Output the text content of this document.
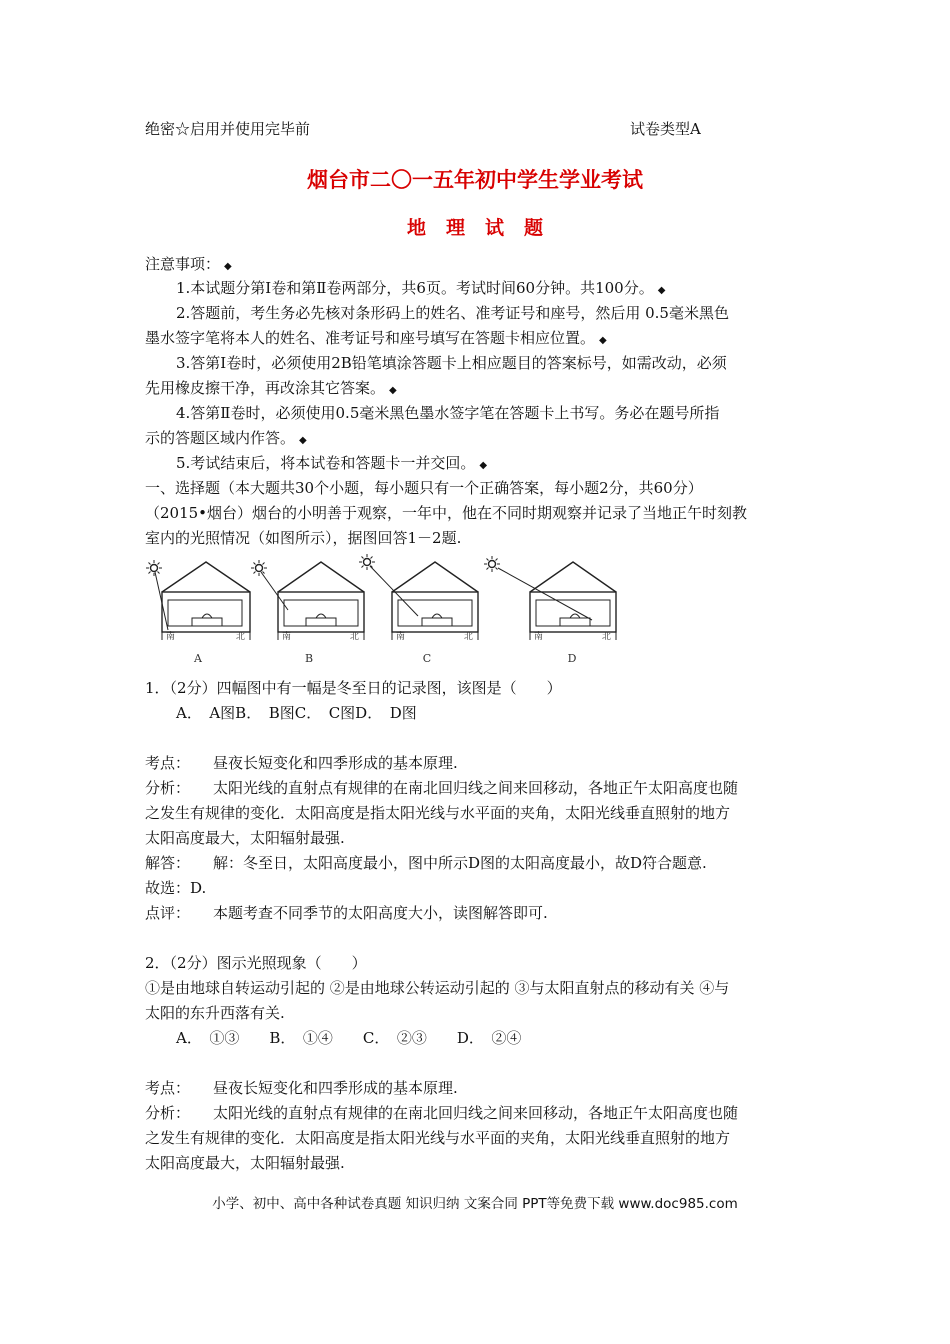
绝密☆启用并使用完毕前	试卷类型A
烟台市二〇一五年初中学生学业考试
地理试题
注意事项： ◆
1.本试题分第Ⅰ卷和第Ⅱ卷两部分，共6页。考试时间60分钟。共100分。 ◆
2.答题前，考生务必先核对条形码上的姓名、准考证号和座号，然后用 0.5毫米黑色
墨水签字笔将本人的姓名、准考证号和座号填写在答题卡相应位置。 ◆
3.答第Ⅰ卷时，必须使用2B铅笔填涂答题卡上相应题目的答案标号，如需改动，必须
先用橡皮擦干净，再改涂其它答案。 ◆
4.答第Ⅱ卷时，必须使用0.5毫米黑色墨水签字笔在答题卡上书写。务必在题号所指
示的答题区域内作答。 ◆
5.考试结束后，将本试卷和答题卡一并交回。 ◆
一、选择题（本大题共30个小题，每小题只有一个正确答案，每小题2分，共60分）
（2015•烟台）烟台的小明善于观察，一年中，他在不同时期观察并记录了当地正午时刻教
室内的光照情况（如图所示），据图回答1－2题.
南	北	南	北	南	北	南	北
A	B	C	D
1．（2分）四幅图中有一幅是冬至日的记录图，该图是（　　）
A．　A图B．　B图C．　C图D．　D图
考点： 昼夜长短变化和四季形成的基本原理.
分析： 太阳光线的直射点有规律的在南北回归线之间来回移动，各地正午太阳高度也随
之发生有规律的变化．太阳高度是指太阳光线与水平面的夹角，太阳光线垂直照射的地方
太阳高度最大，太阳辐射最强.
解答： 解：冬至日，太阳高度最小，图中所示D图的太阳高度最小，故D符合题意.
故选：D.
点评： 本题考查不同季节的太阳高度大小，读图解答即可.
2．（2分）图示光照现象（　　）
①是由地球自转运动引起的 ②是由地球公转运动引起的 ③与太阳直射点的移动有关 ④与
太阳的东升西落有关.
A．　①③　　B．　①④　　C．　②③　　D．　②④
考点： 昼夜长短变化和四季形成的基本原理.
分析： 太阳光线的直射点有规律的在南北回归线之间来回移动，各地正午太阳高度也随
之发生有规律的变化．太阳高度是指太阳光线与水平面的夹角，太阳光线垂直照射的地方
太阳高度最大，太阳辐射最强.
小学、初中、高中各种试卷真题 知识归纳 文案合同 PPT等免费下载 www.doc985.com
